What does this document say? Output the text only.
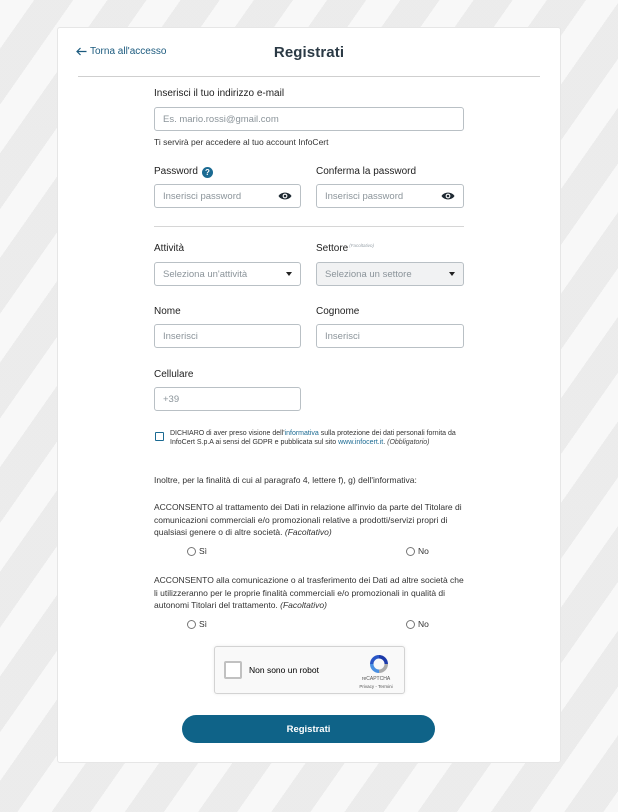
Torna all'accesso	Registrati
Inserisci il tuo indirizzo e-mail
Es. mario.rossi@gmail.com
Ti servirà per accedere al tuo account InfoCert
Password ?
Inserisci password
Conferma la password
Inserisci password
Attività
Seleziona un'attività
Settore$^{(Facoltativo)}$
Seleziona un settore
Nome
Inserisci
Cognome
Inserisci
Cellulare
+39
DICHIARO di aver preso visione dell'informativa sulla protezione dei dati personali fornita da InfoCert S.p.A ai sensi del GDPR e pubblicata sul sito www.infocert.it. (Obbligatorio)
Inoltre, per la finalità di cui al paragrafo 4, lettere f), g) dell'informativa:
ACCONSENTO al trattamento dei Dati in relazione all'invio da parte del Titolare di comunicazioni commerciali e/o promozionali relative a prodotti/servizi propri di qualsiasi genere o di altre società. (Facoltativo)
Sì	No
ACCONSENTO alla comunicazione o al trasferimento dei Dati ad altre società che li utilizzeranno per le proprie finalità commerciali e/o promozionali in qualità di autonomi Titolari del trattamento. (Facoltativo)
Sì	No
Non sono un robot
reCAPTCHA
Privacy - Termini
Registrati
